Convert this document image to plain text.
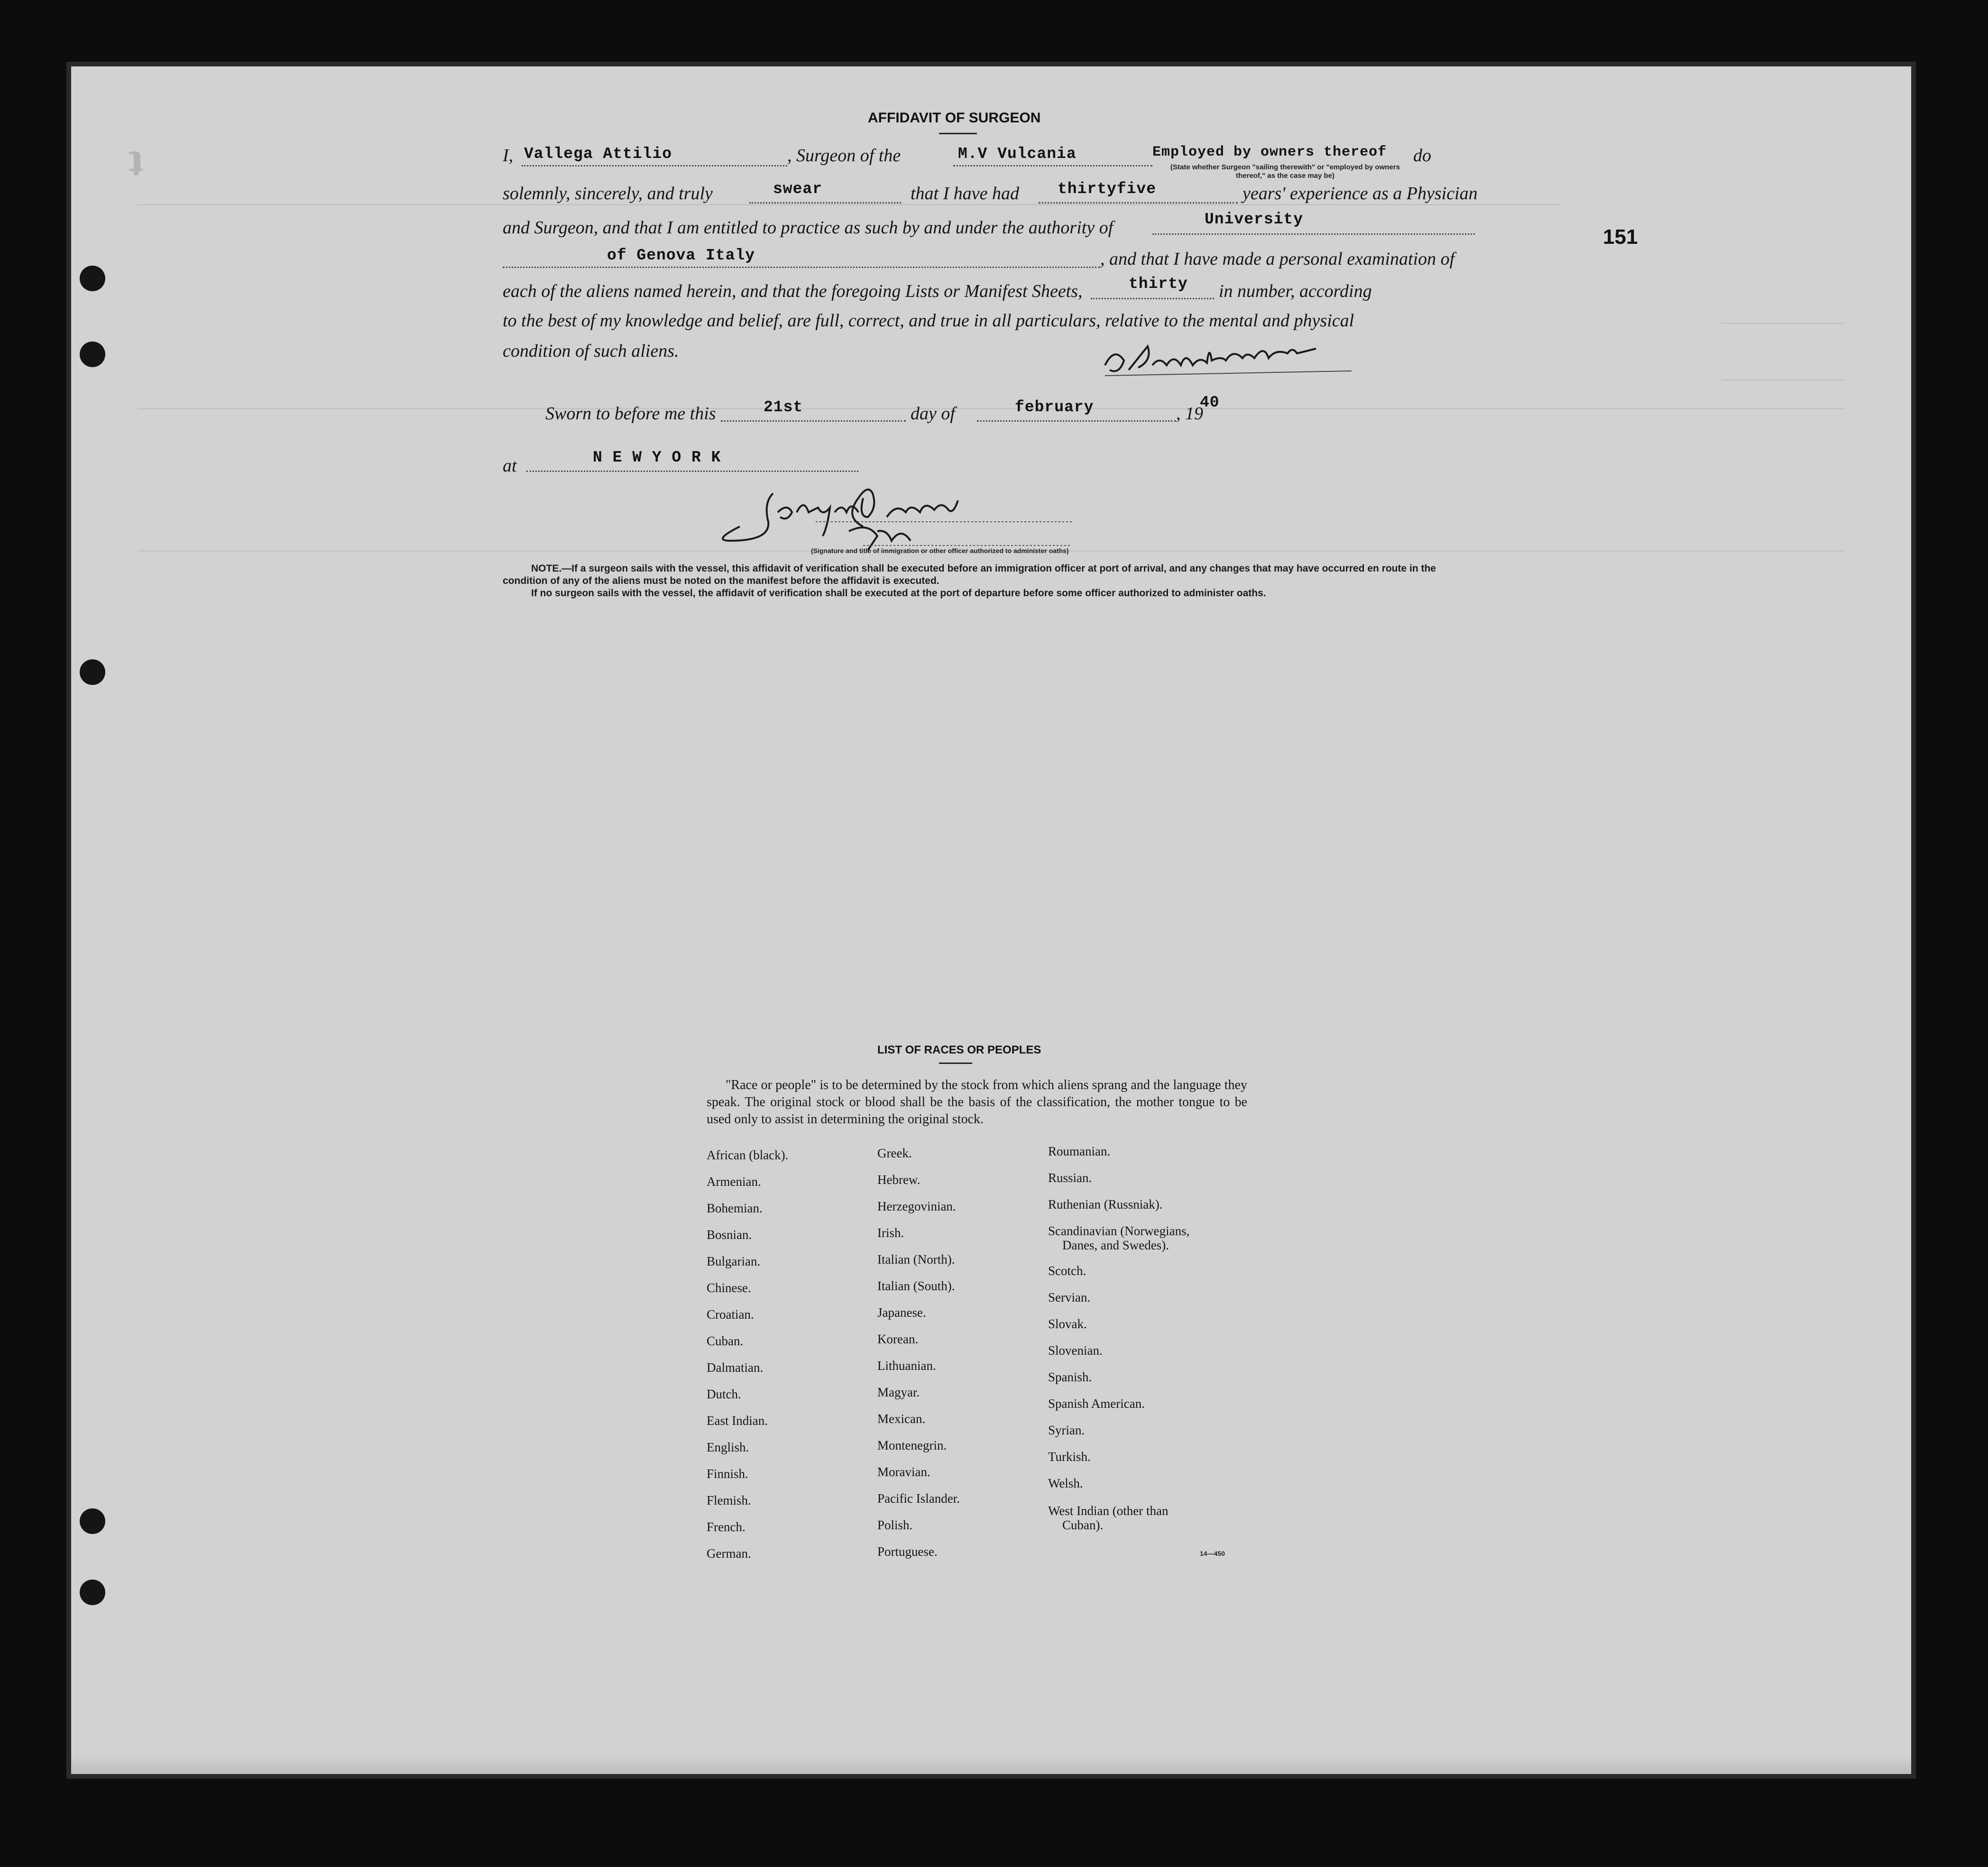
ʇ
151
AFFIDAVIT OF SURGEON
I, Vallega Attilio	, Surgeon of the	M.V Vulcania	Employed by owners thereof do
(State whether Surgeon "sailing therewith" or "employed by owners thereof," as the case may be)
solemnly, sincerely, and truly	swear	that I have had thirtyfive	years' experience as a Physician
and Surgeon, and that I am entitled to practice as such by and under the authority of	University
of Genova Italy	, and that I have made a personal examination of
each of the aliens named herein, and that the foregoing Lists or Manifest Sheets,	thirty in number, according
to the best of my knowledge and belief, are full, correct, and true in all particulars, relative to the mental and physical
condition of such aliens.
Sworn to before me this	21st	day of	february	, 19
40
at	N E W Y O R K
(Signature and title of immigration or other officer authorized to administer oaths)
NOTE.—If a surgeon sails with the vessel, this affidavit of verification shall be executed before an immigration officer at port of arrival, and any changes that may have occurred en route in the condition of any of the aliens must be noted on the manifest before the affidavit is executed.
If no surgeon sails with the vessel, the affidavit of verification shall be executed at the port of departure before some officer authorized to administer oaths.
LIST OF RACES OR PEOPLES
"Race or people" is to be determined by the stock from which aliens sprang and the language they speak. The original stock or blood shall be the basis of the classification, the mother tongue to be used only to assist in determining the original stock.
African (black).
Armenian.
Bohemian.
Bosnian.
Bulgarian.
Chinese.
Croatian.
Cuban.
Dalmatian.
Dutch.
East Indian.
English.
Finnish.
Flemish.
French.
German.
Greek.
Hebrew.
Herzegovinian.
Irish.
Italian (North).
Italian (South).
Japanese.
Korean.
Lithuanian.
Magyar.
Mexican.
Montenegrin.
Moravian.
Pacific Islander.
Polish.
Portuguese.
Roumanian.
Russian.
Ruthenian (Russniak).
Scandinavian (Norwegians,
Danes, and Swedes).
Scotch.
Servian.
Slovak.
Slovenian.
Spanish.
Spanish American.
Syrian.
Turkish.
Welsh.
West Indian (other than
Cuban).
14—450
